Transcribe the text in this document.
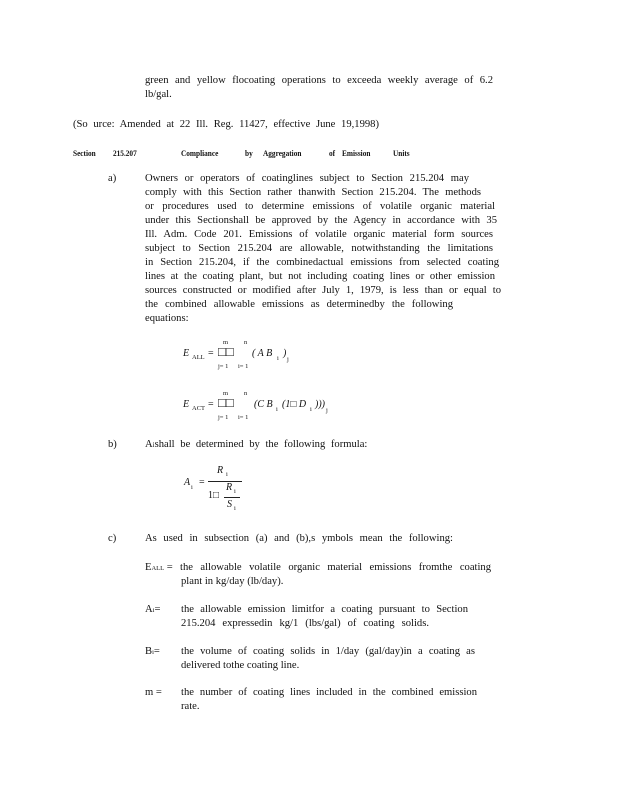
green and yellow flocoating operations to exceeda weekly average of 6.2
lb/gal.
(So urce: Amended at 22 Ill. Reg. 11427, effective June 19,1998)
Section 215.207	Compliance	by Aggregation	of Emission	Units
a)	Owners or operators of coatinglines subject to Section 215.204 may
comply with this Section rather thanwith Section 215.204. The methods
or procedures used to determine emissions of volatile organic material
under this Sectionshall be approved by the Agency in accordance with 35
Ill. Adm. Code 201. Emissions of volatile organic material form sources
subject to Section 215.204 are allowable, notwithstanding the limitations
in Section 215.204, if the combinedactual emissions from selected coating
lines at the coating plant, but not including coating lines or other emission
sources constructed or modified after July 1, 1979, is less than or equal to
the combined allowable emissions as determinedby the following
equations:
E ALL =
m n
□□
j= 1 i= 1
( A B i )
j
E ACT =
m n
□□
j= 1 i= 1
(C B i (1□ D i )))
j
b)	Aishall be determined by the following formula:
A i =
R i
1□
R i
S i
c)	As used in subsection (a) and (b),s ymbols mean the following:
EALL = the allowable volatile organic material emissions fromthe coating
plant in kg/day (lb/day).
Ai= the allowable emission limitfor a coating pursuant to Section
215.204 expressedin kg/1 (lbs/gal) of coating solids.
Bi= the volume of coating solids in 1/day (gal/day)in a coating as
delivered tothe coating line.
m = the number of coating lines included in the combined emission
rate.
